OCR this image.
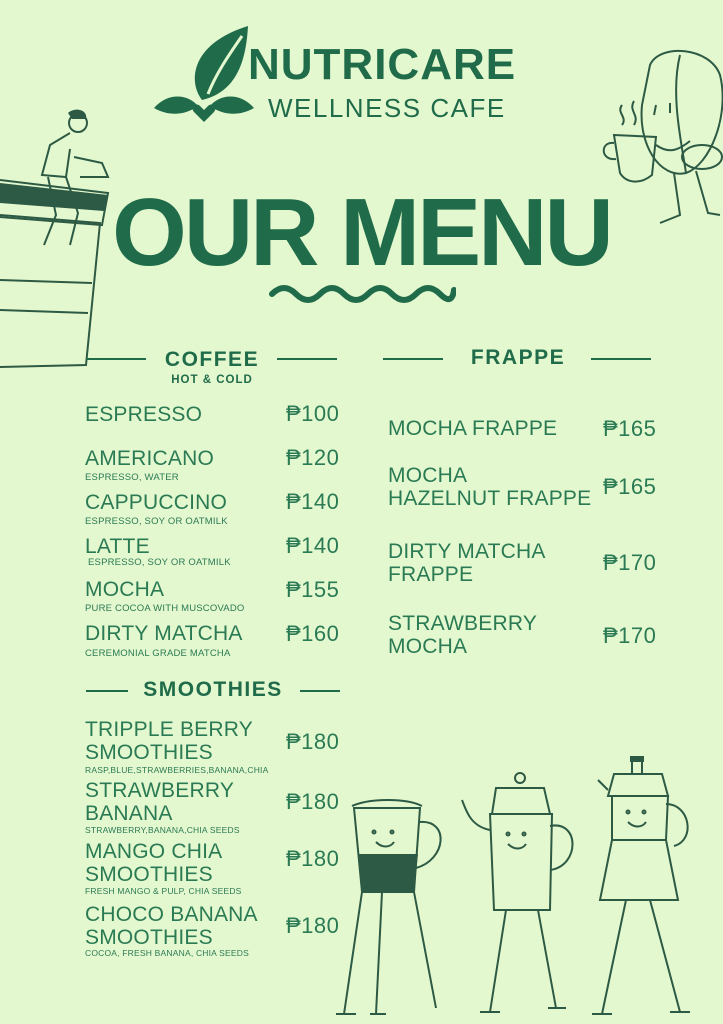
NUTRICARE
WELLNESS CAFE
OUR MENU
COFFEE
HOT & COLD
ESPRESSO	₱100
AMERICANO
ESPRESSO, WATER
₱120
CAPPUCCINO
ESPRESSO, SOY OR OATMILK
₱140
LATTE
ESPRESSO, SOY OR OATMILK
₱140
MOCHA
PURE COCOA WITH MUSCOVADO
₱155
DIRTY MATCHA
CEREMONIAL GRADE MATCHA
₱160
FRAPPE
MOCHA FRAPPE ₱165
MOCHA
HAZELNUT FRAPPE ₱165
DIRTY MATCHA
FRAPPE	₱170
STRAWBERRY
MOCHA	₱170
SMOOTHIES
TRIPPLE BERRY
SMOOTHIES
RASP,BLUE,STRAWBERRIES,BANANA,CHIA
₱180
STRAWBERRY
BANANA
STRAWBERRY,BANANA,CHIA SEEDS
₱180
MANGO CHIA
SMOOTHIES
FRESH MANGO & PULP, CHIA SEEDS
₱180
CHOCO BANANA
SMOOTHIES
COCOA, FRESH BANANA, CHIA SEEDS
₱180
